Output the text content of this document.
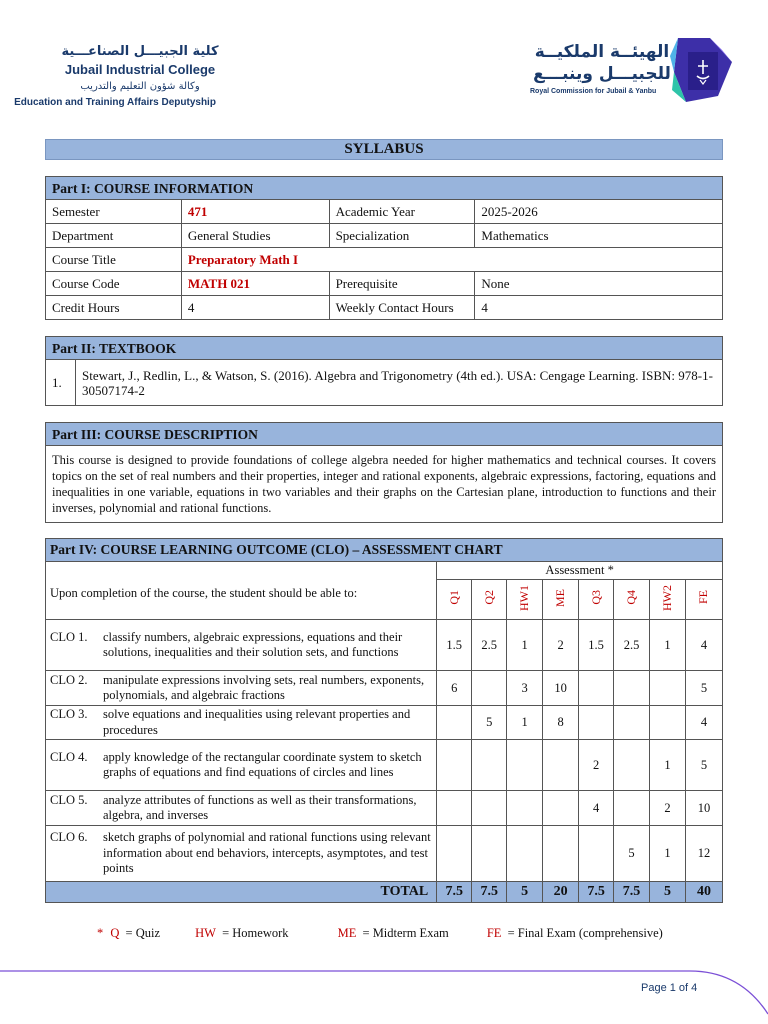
كلية الجبيـــل الصناعـــية
Jubail Industrial College
وكالة شؤون التعليم والتدريب
Education and Training Affairs Deputyship
الهيئــة الملكيــة
للجبيـــل وينبـــع
Royal Commission for Jubail & Yanbu
SYLLABUS
Part I: COURSE INFORMATION			
Semester	471	Academic Year	2025-2026
Department	General Studies	Specialization	Mathematics
Course Title	Preparatory Math I		
Course Code	MATH 021	Prerequisite	None
Credit Hours	4	Weekly Contact Hours	4
Part II: TEXTBOOK
1.	Stewart, J., Redlin, L., & Watson, S. (2016). Algebra and Trigonometry (4th ed.). USA: Cengage Learning. ISBN: 978-1-30507174-2
Part III: COURSE DESCRIPTION
This course is designed to provide foundations of college algebra needed for higher mathematics and technical courses. It covers topics on the set of real numbers and their properties, integer and rational exponents, algebraic expressions, factoring, equations and inequalities in one variable, equations in two variables and their graphs on the Cartesian plane, introduction to functions and their inverses, polynomial and rational functions.
Part IV: COURSE LEARNING OUTCOME (CLO) – ASSESSMENT CHART								
Upon completion of the course, the student should be able to:	Assessment *							
	Q1	Q2	HW1	ME	Q3	Q4	HW2	FE

CLO 1. classify numbers, algebraic expressions, equations and their solutions, inequalities and their solution sets, and functions	1.5	2.5	1	2	1.5	2.5	1	4

CLO 2. manipulate expressions involving sets, real numbers, exponents, polynomials, and algebraic fractions	6		3	10				5

CLO 3. solve equations and inequalities using relevant properties and procedures		5	1	8				4

CLO 4. apply knowledge of the rectangular coordinate system to sketch graphs of equations and find equations of circles and lines					2		1	5

CLO 5. analyze attributes of functions as well as their transformations, algebra, and inverses					4		2	10

CLO 6. sketch graphs of polynomial and rational functions using relevant information about end behaviors, intercepts, asymptotes, and test points						5	1	12
TOTAL	7.5	7.5	5	20	7.5	7.5	5	40
* Q = Quiz	HW = Homework	ME = Midterm Exam	FE = Final Exam (comprehensive)
Page 1 of 4
